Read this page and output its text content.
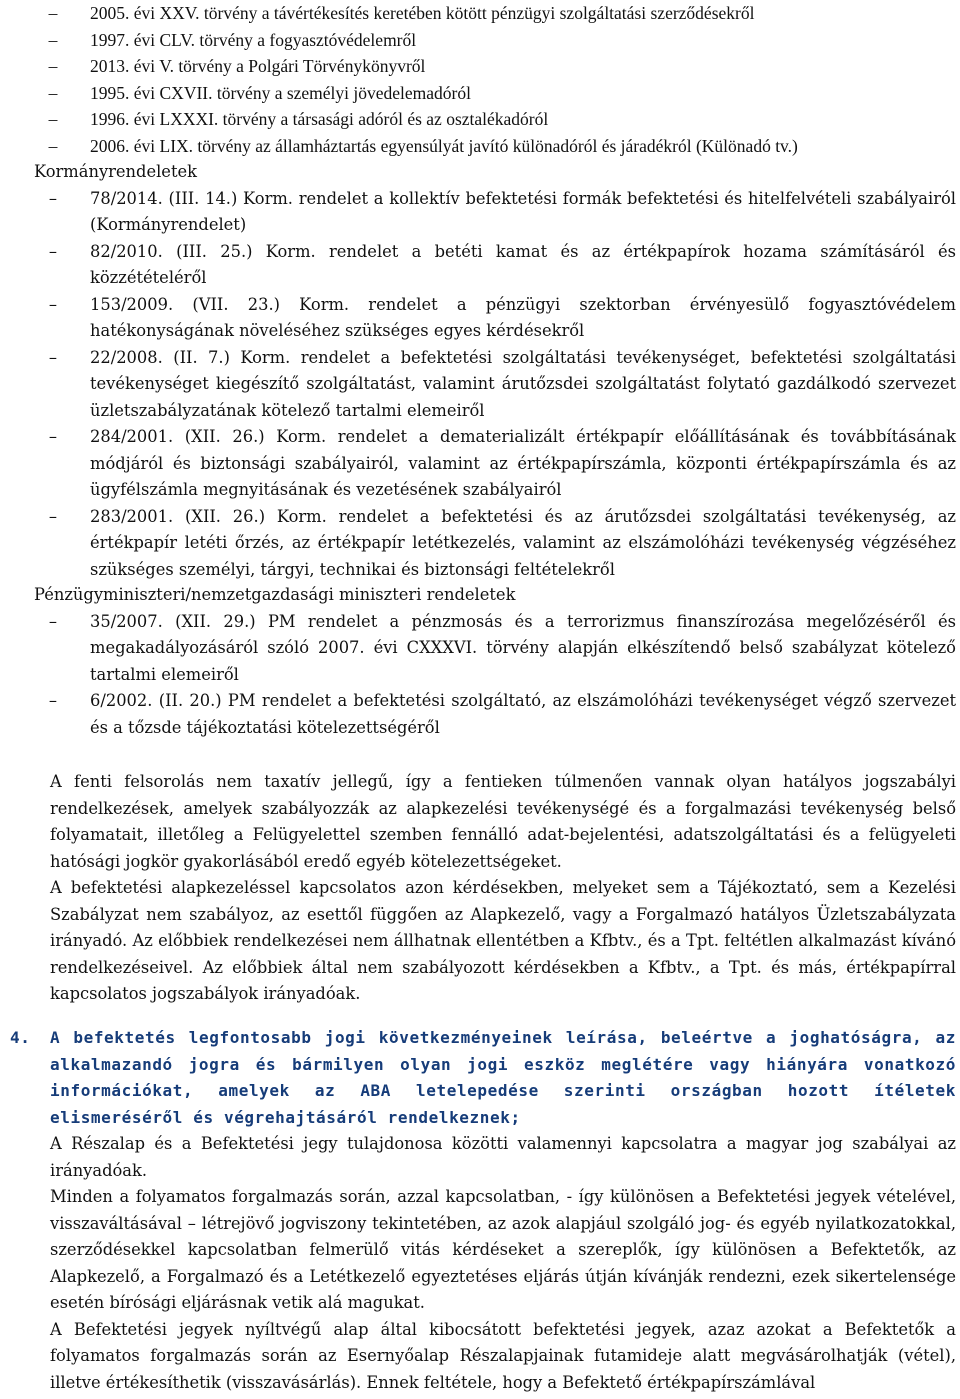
–	2005. évi XXV. törvény a távértékesítés keretében kötött pénzügyi szolgáltatási szerződésekről
–	1997. évi CLV. törvény a fogyasztóvédelemről
–	2013. évi V. törvény a Polgári Törvénykönyvről
–	1995. évi CXVII. törvény a személyi jövedelemadóról
–	1996. évi LXXXI. törvény a társasági adóról és az osztalékadóról
–	2006. évi LIX. törvény az államháztartás egyensúlyát javító különadóról és járadékról (Különadó tv.)

Kormányrendeletek

–	78/2014. (III. 14.) Korm. rendelet a kollektív befektetési formák befektetési és hitelfelvételi szabályairól (Kormányrendelet)
–	82/2010. (III. 25.) Korm. rendelet a betéti kamat és az értékpapírok hozama számításáról és közzétételéről
–	153/2009. (VII. 23.) Korm. rendelet a pénzügyi szektorban érvényesülő fogyasztóvédelem hatékonyságának növeléséhez szükséges egyes kérdésekről
–	22/2008. (II. 7.) Korm. rendelet a befektetési szolgáltatási tevékenységet, befektetési szolgáltatási tevékenységet kiegészítő szolgáltatást, valamint árutőzsdei szolgáltatást folytató gazdálkodó szervezet üzletszabályzatának kötelező tartalmi elemeiről
–	284/2001. (XII. 26.) Korm. rendelet a dematerializált értékpapír előállításának és továbbításának módjáról és biztonsági szabályairól, valamint az értékpapírszámla, központi értékpapírszámla és az ügyfélszámla megnyitásának és vezetésének szabályairól
–	283/2001. (XII. 26.) Korm. rendelet a befektetési és az árutőzsdei szolgáltatási tevékenység, az értékpapír letéti őrzés, az értékpapír letétkezelés, valamint az elszámolóházi tevékenység végzéséhez szükséges személyi, tárgyi, technikai és biztonsági feltételekről

Pénzügyminiszteri/nemzetgazdasági miniszteri rendeletek

–	35/2007. (XII. 29.) PM rendelet a pénzmosás és a terrorizmus finanszírozása megelőzéséről és megakadályozásáról szóló 2007. évi CXXXVI. törvény alapján elkészítendő belső szabályzat kötelező tartalmi elemeiről
–	6/2002. (II. 20.) PM rendelet a befektetési szolgáltató, az elszámolóházi tevékenységet végző szervezet és a tőzsde tájékoztatási kötelezettségéről

A fenti felsorolás nem taxatív jellegű, így a fentieken túlmenően vannak olyan hatályos jogszabályi rendelkezések, amelyek szabályozzák az alapkezelési tevékenységé és a forgalmazási tevékenység belső folyamatait, illetőleg a Felügyelettel szemben fennálló adat-bejelentési, adatszolgáltatási és a felügyeleti hatósági jogkör gyakorlásából eredő egyéb kötelezettségeket.

A befektetési alapkezeléssel kapcsolatos azon kérdésekben, melyeket sem a Tájékoztató, sem a Kezelési Szabályzat nem szabályoz, az esettől függően az Alapkezelő, vagy a Forgalmazó hatályos Üzletszabályzata irányadó. Az előbbiek rendelkezései nem állhatnak ellentétben a Kfbtv., és a Tpt. feltétlen alkalmazást kívánó rendelkezéseivel. Az előbbiek által nem szabályozott kérdésekben a Kfbtv., a Tpt. és más, értékpapírral kapcsolatos jogszabályok irányadóak.

4.	A befektetés legfontosabb jogi következményeinek leírása, beleértve a joghatóságra, az alkalmazandó jogra és bármilyen olyan jogi eszköz meglétére vagy hiányára vonatkozó információkat, amelyek az ABA letelepedése szerinti országban hozott ítéletek elismeréséről és végrehajtásáról rendelkeznek;

A Részalap és a Befektetési jegy tulajdonosa közötti valamennyi kapcsolatra a magyar jog szabályai az irányadóak.

Minden a folyamatos forgalmazás során, azzal kapcsolatban, - így különösen a Befektetési jegyek vételével, visszaváltásával – létrejövő jogviszony tekintetében, az azok alapjául szolgáló jog- és egyéb nyilatkozatokkal, szerződésekkel kapcsolatban felmerülő vitás kérdéseket a szereplők, így különösen a Befektetők, az Alapkezelő, a Forgalmazó és a Letétkezelő egyeztetéses eljárás útján kívánják rendezni, ezek sikertelensége esetén bírósági eljárásnak vetik alá magukat.

A Befektetési jegyek nyíltvégű alap által kibocsátott befektetési jegyek, azaz azokat a Befektetők a folyamatos forgalmazás során az Esernyőalap Részalapjainak futamideje alatt megvásárolhatják (vétel), illetve értékesíthetik (visszavásárlás). Ennek feltétele, hogy a Befektető értékpapírszámlával
